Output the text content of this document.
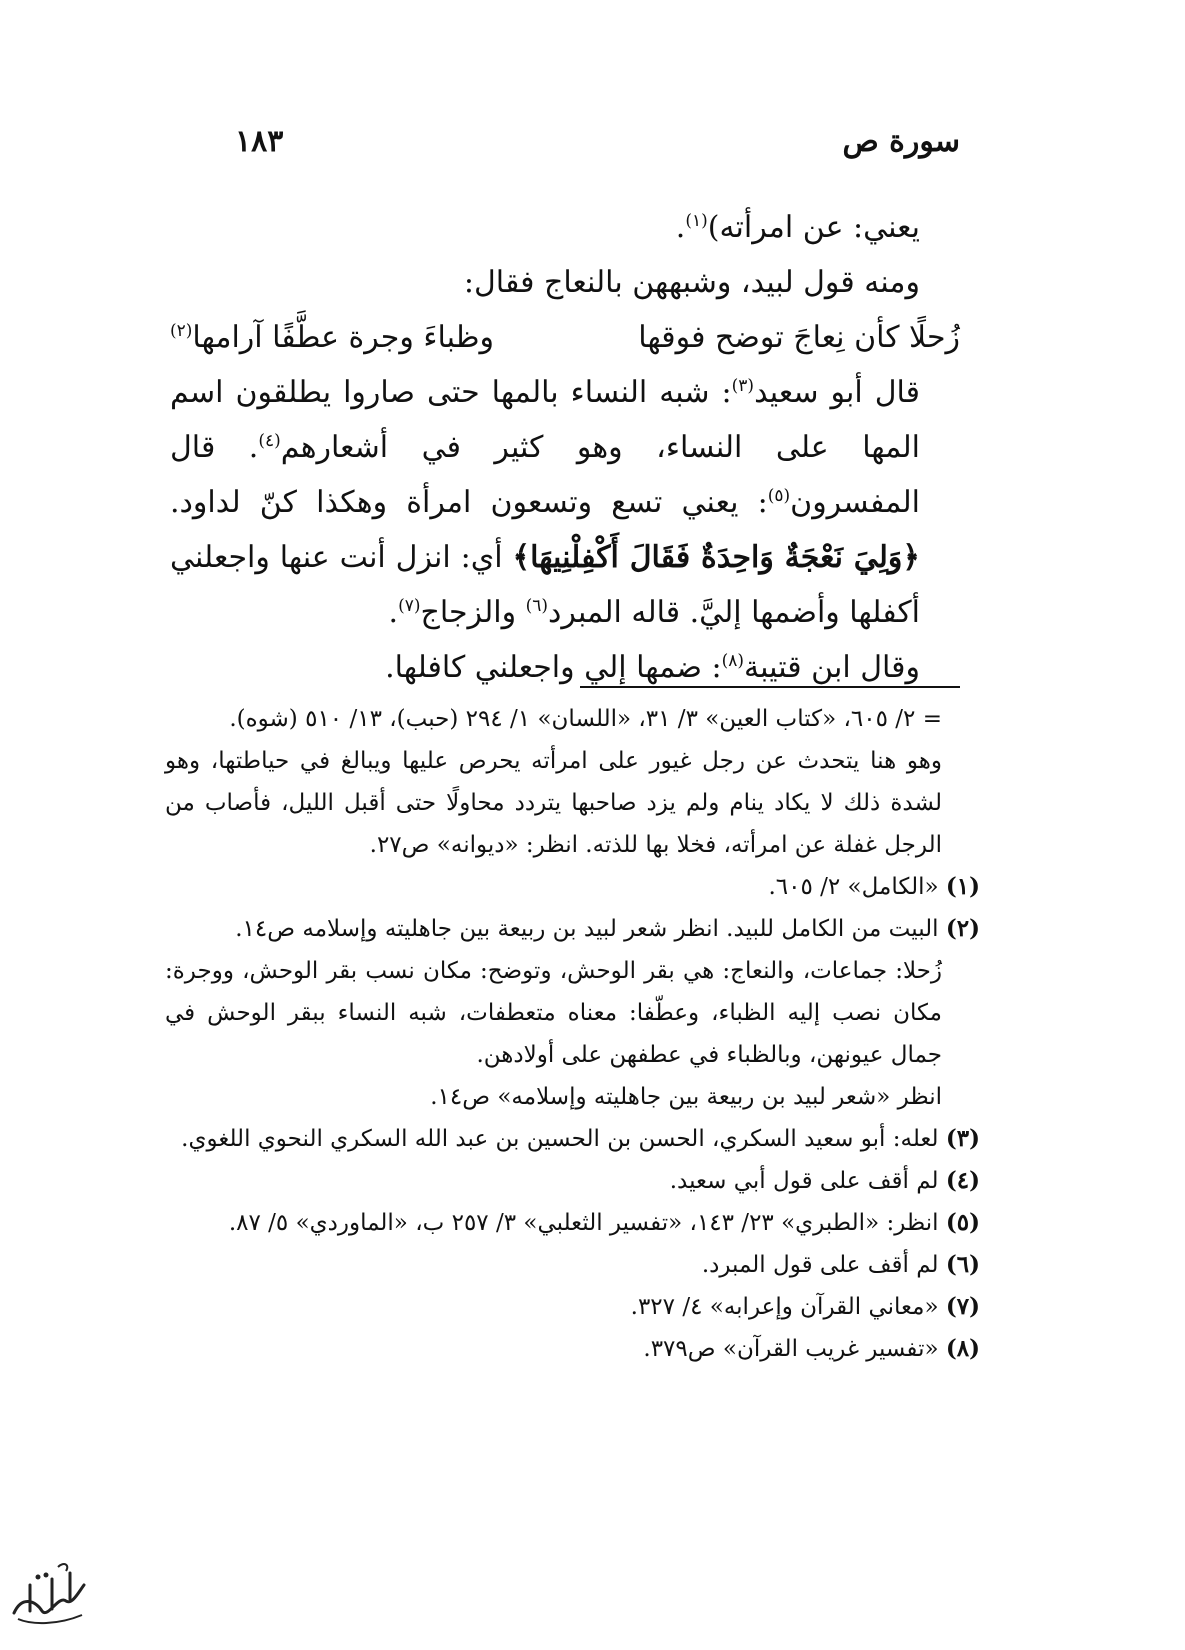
سورة ص
١٨٣

يعني: عن امرأته)$^{(١)}$.

ومنه قول لبيد، وشبههن بالنعاج فقال:

زُحلًا كأن نِعاجَ توضح فوقها
وظباءَ وجرة عطَّفًا آرامها$^{(٢)}$

قال أبو سعيد$^{(٣)}$: شبه النساء بالمها حتى صاروا يطلقون اسم المها على النساء، وهو كثير في أشعارهم$^{(٤)}$. قال المفسرون$^{(٥)}$: يعني تسع وتسعون امرأة وهكذا كنّ لداود. ﴿وَلِيَ نَعْجَةٌ وَاحِدَةٌ فَقَالَ أَكْفِلْنِيهَا﴾ أي: انزل أنت عنها واجعلني أكفلها وأضمها إليَّ. قاله المبرد$^{(٦)}$ والزجاج$^{(٧)}$.

وقال ابن قتيبة$^{(٨)}$: ضمها إلي واجعلني كافلها.

= ٢/ ٦٠٥، «كتاب العين» ٣/ ٣١، «اللسان» ١/ ٢٩٤ (حبب)، ١٣/ ٥١٠ (شوه).

وهو هنا يتحدث عن رجل غيور على امرأته يحرص عليها ويبالغ في حياطتها، وهو لشدة ذلك لا يكاد ينام ولم يزد صاحبها يتردد محاولًا حتى أقبل الليل، فأصاب من الرجل غفلة عن امرأته، فخلا بها للذته. انظر: «ديوانه» ص٢٧.

(١) «الكامل» ٢/ ٦٠٥.

(٢) البيت من الكامل للبيد. انظر شعر لبيد بن ربيعة بين جاهليته وإسلامه ص١٤.

زُحلا: جماعات، والنعاج: هي بقر الوحش، وتوضح: مكان نسب بقر الوحش، ووجرة: مكان نصب إليه الظباء، وعطّفا: معناه متعطفات، شبه النساء ببقر الوحش في جمال عيونهن، وبالظباء في عطفهن على أولادهن.

انظر «شعر لبيد بن ربيعة بين جاهليته وإسلامه» ص١٤.

(٣) لعله: أبو سعيد السكري، الحسن بن الحسين بن عبد الله السكري النحوي اللغوي.

(٤) لم أقف على قول أبي سعيد.

(٥) انظر: «الطبري» ٢٣/ ١٤٣، «تفسير الثعلبي» ٣/ ٢٥٧ ب، «الماوردي» ٥/ ٨٧.

(٦) لم أقف على قول المبرد.

(٧) «معاني القرآن وإعرابه» ٤/ ٣٢٧.

(٨) «تفسير غريب القرآن» ص٣٧٩.
